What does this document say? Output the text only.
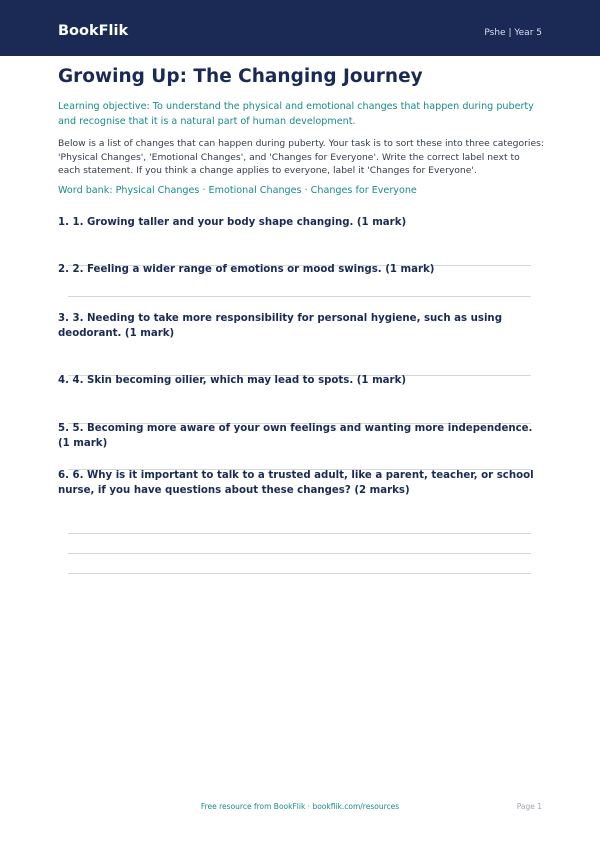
BookFlik	Pshe | Year 5
Growing Up: The Changing Journey
Learning objective: To understand the physical and emotional changes that happen during puberty and recognise that it is a natural part of human development.
Below is a list of changes that can happen during puberty. Your task is to sort these into three categories: 'Physical Changes', 'Emotional Changes', and 'Changes for Everyone'. Write the correct label next to each statement. If you think a change applies to everyone, label it 'Changes for Everyone'.
Word bank: Physical Changes · Emotional Changes · Changes for Everyone
1. 1. Growing taller and your body shape changing. (1 mark)
2. 2. Feeling a wider range of emotions or mood swings. (1 mark)
3. 3. Needing to take more responsibility for personal hygiene, such as using deodorant. (1 mark)
4. 4. Skin becoming oilier, which may lead to spots. (1 mark)
5. 5. Becoming more aware of your own feelings and wanting more independence. (1 mark)
6. 6. Why is it important to talk to a trusted adult, like a parent, teacher, or school nurse, if you have questions about these changes? (2 marks)
Free resource from BookFlik · bookflik.com/resources	Page 1
